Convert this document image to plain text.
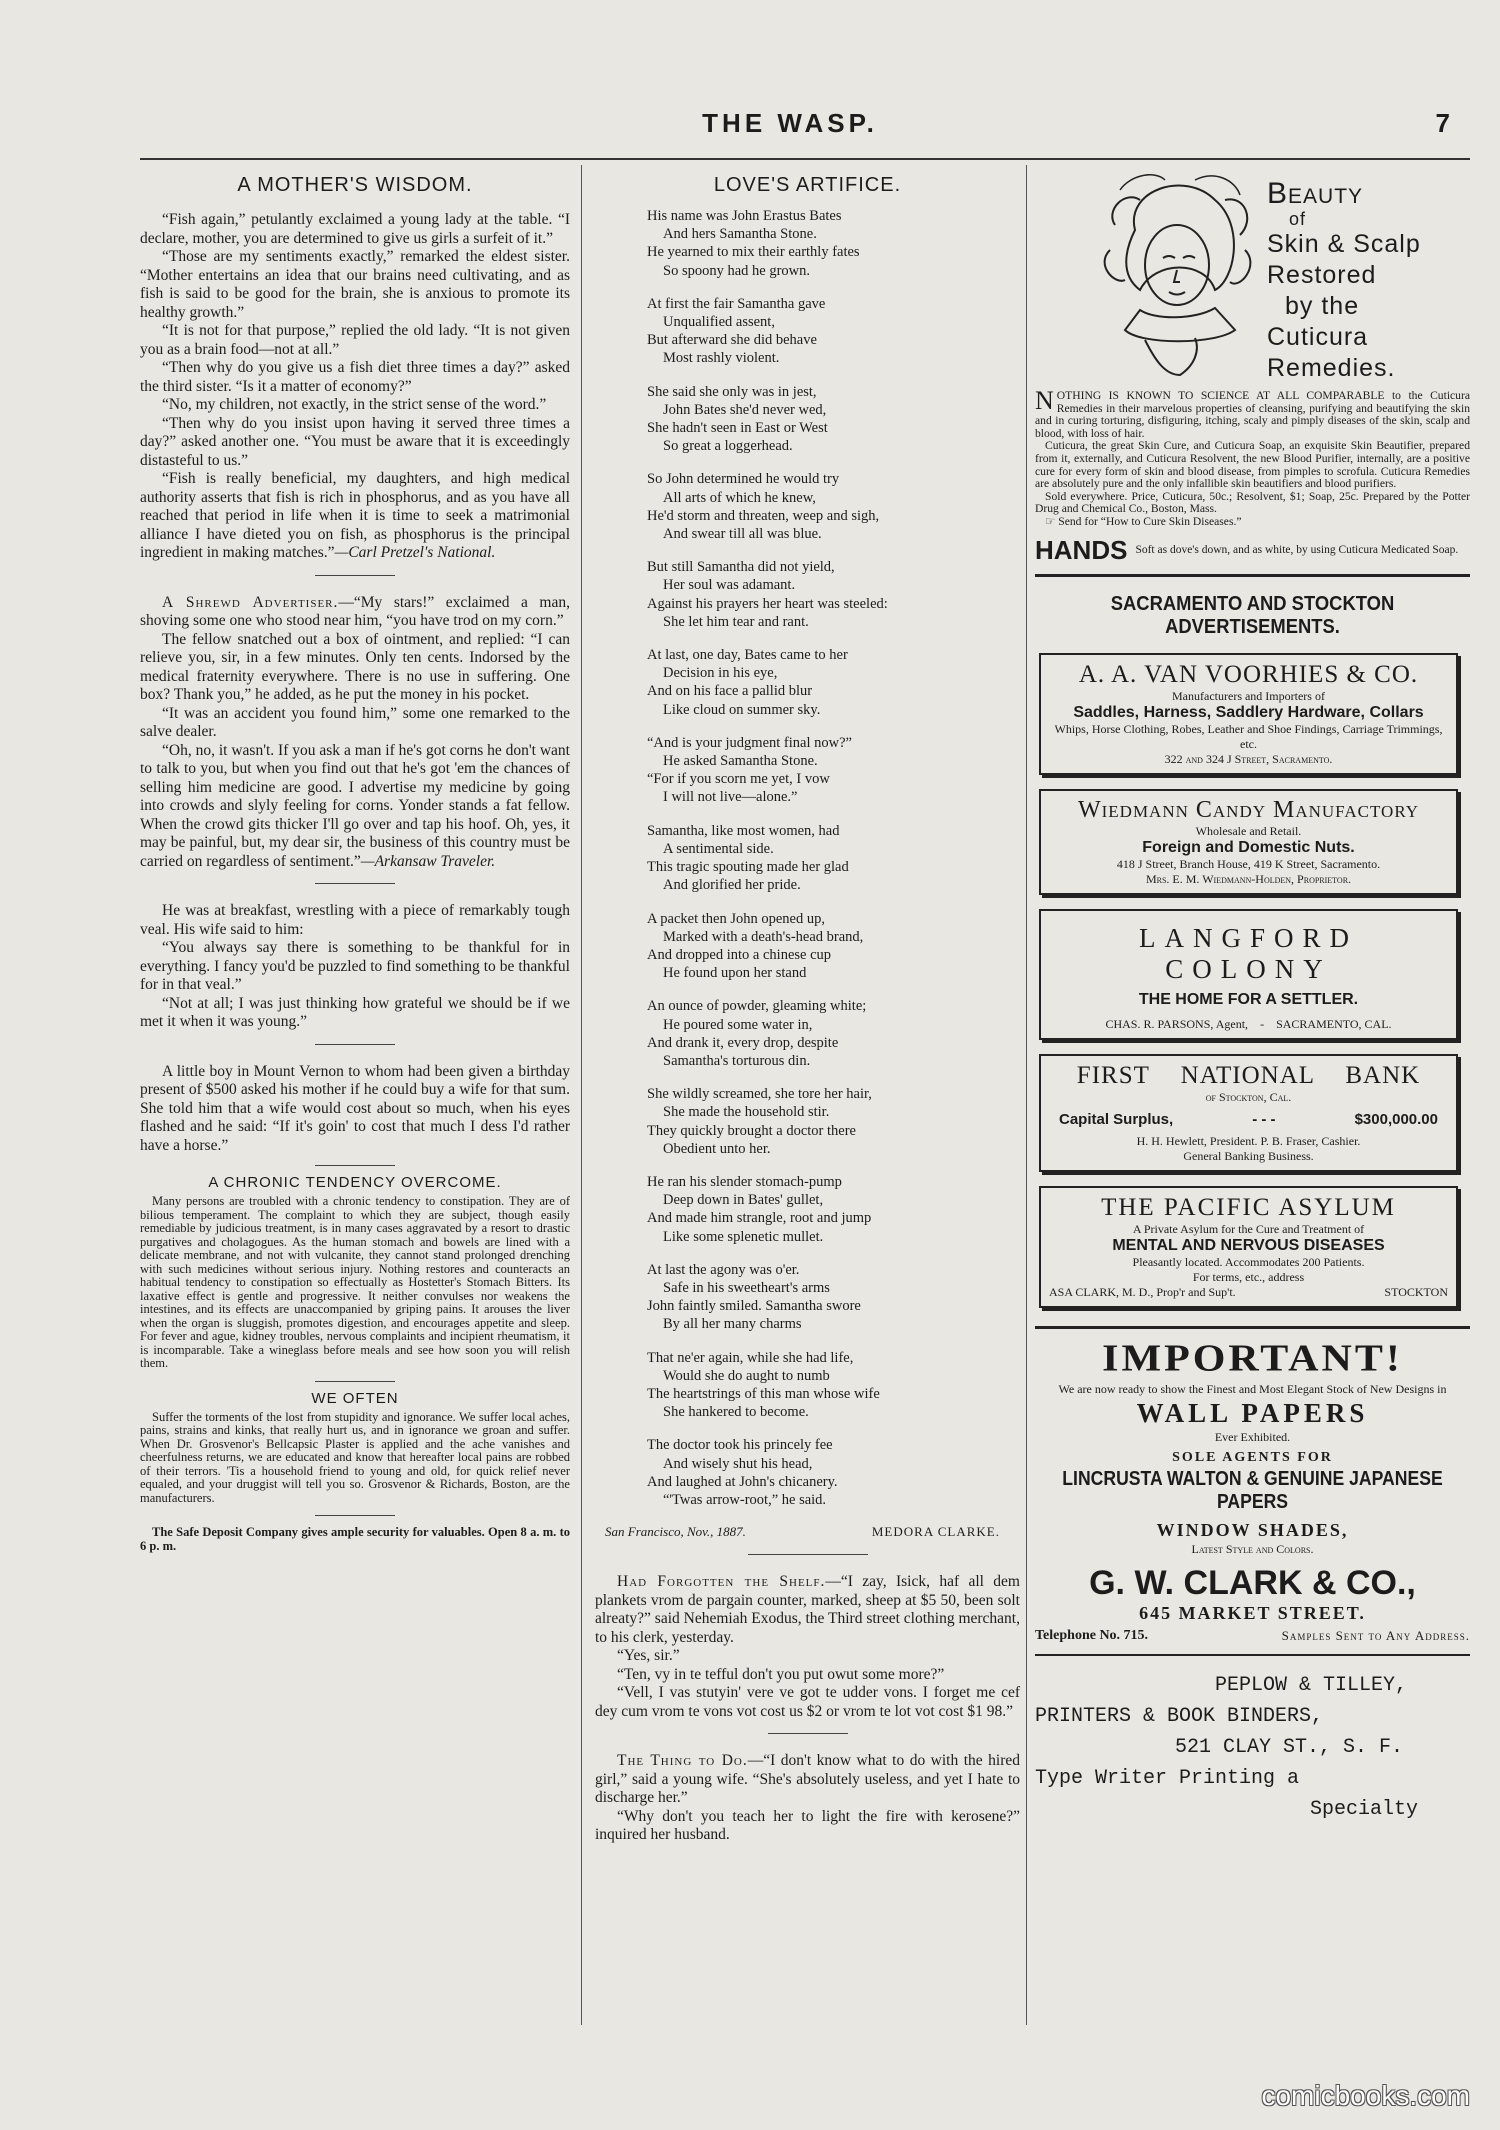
THE WASP.	7
A MOTHER'S WISDOM.

“Fish again,” petulantly exclaimed a young lady at the table. “I declare, mother, you are determined to give us girls a surfeit of it.”

“Those are my sentiments exactly,” remarked the eldest sister. “Mother entertains an idea that our brains need cultivating, and as fish is said to be good for the brain, she is anxious to promote its healthy growth.”

“It is not for that purpose,” replied the old lady. “It is not given you as a brain food—not at all.”

“Then why do you give us a fish diet three times a day?” asked the third sister. “Is it a matter of economy?”

“No, my children, not exactly, in the strict sense of the word.”

“Then why do you insist upon having it served three times a day?” asked another one. “You must be aware that it is exceedingly distasteful to us.”

“Fish is really beneficial, my daughters, and high medical authority asserts that fish is rich in phosphorus, and as you have all reached that period in life when it is time to seek a matrimonial alliance I have dieted you on fish, as phosphorus is the principal ingredient in making matches.”—Carl Pretzel's National.

A Shrewd Advertiser.—“My stars!” exclaimed a man, shoving some one who stood near him, “you have trod on my corn.”

The fellow snatched out a box of ointment, and replied: “I can relieve you, sir, in a few minutes. Only ten cents. Indorsed by the medical fraternity everywhere. There is no use in suffering. One box? Thank you,” he added, as he put the money in his pocket.

“It was an accident you found him,” some one remarked to the salve dealer.

“Oh, no, it wasn't. If you ask a man if he's got corns he don't want to talk to you, but when you find out that he's got 'em the chances of selling him medicine are good. I advertise my medicine by going into crowds and slyly feeling for corns. Yonder stands a fat fellow. When the crowd gits thicker I'll go over and tap his hoof. Oh, yes, it may be painful, but, my dear sir, the business of this country must be carried on regardless of sentiment.”—Arkansaw Traveler.

He was at breakfast, wrestling with a piece of remarkably tough veal. His wife said to him:

“You always say there is something to be thankful for in everything. I fancy you'd be puzzled to find something to be thankful for in that veal.”

“Not at all; I was just thinking how grateful we should be if we met it when it was young.”

A little boy in Mount Vernon to whom had been given a birthday present of $500 asked his mother if he could buy a wife for that sum. She told him that a wife would cost about so much, when his eyes flashed and he said: “If it's goin' to cost that much I dess I'd rather have a horse.”

A CHRONIC TENDENCY OVERCOME.

Many persons are troubled with a chronic tendency to constipation. They are of bilious temperament. The complaint to which they are subject, though easily remediable by judicious treatment, is in many cases aggravated by a resort to drastic purgatives and cholagogues. As the human stomach and bowels are lined with a delicate membrane, and not with vulcanite, they cannot stand prolonged drenching with such medicines without serious injury. Nothing restores and counteracts an habitual tendency to constipation so effectually as Hostetter's Stomach Bitters. Its laxative effect is gentle and progressive. It neither convulses nor weakens the intestines, and its effects are unaccompanied by griping pains. It arouses the liver when the organ is sluggish, promotes digestion, and encourages appetite and sleep. For fever and ague, kidney troubles, nervous complaints and incipient rheumatism, it is incomparable. Take a wineglass before meals and see how soon you will relish them.

WE OFTEN

Suffer the torments of the lost from stupidity and ignorance. We suffer local aches, pains, strains and kinks, that really hurt us, and in ignorance we groan and suffer. When Dr. Grosvenor's Bellcapsic Plaster is applied and the ache vanishes and cheerfulness returns, we are educated and know that hereafter local pains are robbed of their terrors. 'Tis a household friend to young and old, for quick relief never equaled, and your druggist will tell you so. Grosvenor & Richards, Boston, are the manufacturers.

The Safe Deposit Company gives ample security for valuables. Open 8 a. m. to 6 p. m.

LOVE'S ARTIFICE.
His name was John Erastus Bates
And hers Samantha Stone.
He yearned to mix their earthly fates
So spoony had he grown.
At first the fair Samantha gave
Unqualified assent,
But afterward she did behave
Most rashly violent.
She said she only was in jest,
John Bates she'd never wed,
She hadn't seen in East or West
So great a loggerhead.
So John determined he would try
All arts of which he knew,
He'd storm and threaten, weep and sigh,
And swear till all was blue.
But still Samantha did not yield,
Her soul was adamant.
Against his prayers her heart was steeled:
She let him tear and rant.
At last, one day, Bates came to her
Decision in his eye,
And on his face a pallid blur
Like cloud on summer sky.
“And is your judgment final now?”
He asked Samantha Stone.
“For if you scorn me yet, I vow
I will not live—alone.”
Samantha, like most women, had
A sentimental side.
This tragic spouting made her glad
And glorified her pride.
A packet then John opened up,
Marked with a death's-head brand,
And dropped into a chinese cup
He found upon her stand
An ounce of powder, gleaming white;
He poured some water in,
And drank it, every drop, despite
Samantha's torturous din.
She wildly screamed, she tore her hair,
She made the household stir.
They quickly brought a doctor there
Obedient unto her.
He ran his slender stomach-pump
Deep down in Bates' gullet,
And made him strangle, root and jump
Like some splenetic mullet.
At last the agony was o'er.
Safe in his sweetheart's arms
John faintly smiled. Samantha swore
By all her many charms
That ne'er again, while she had life,
Would she do aught to numb
The heartstrings of this man whose wife
She hankered to become.
The doctor took his princely fee
And wisely shut his head,
And laughed at John's chicanery.
“'Twas arrow-root,” he said.
San Francisco, Nov., 1887.	MEDORA CLARKE.

Had Forgotten the Shelf.—“I zay, Isick, haf all dem plankets vrom de pargain counter, marked, sheep at $5 50, been solt alreaty?” said Nehemiah Exodus, the Third street clothing merchant, to his clerk, yesterday.

“Yes, sir.”

“Ten, vy in te tefful don't you put owut some more?”

“Vell, I vas stutyin' vere ve got te udder vons. I forget me cef dey cum vrom te vons vot cost us $2 or vrom te lot vot cost $1 98.”

The Thing to Do.—“I don't know what to do with the hired girl,” said a young wife. “She's absolutely useless, and yet I hate to discharge her.”

“Why don't you teach her to light the fire with kerosene?” inquired her husband.

Beauty
of
Skin & Scalp
Restored
by the
Cuticura
Remedies.

NOTHING IS KNOWN TO SCIENCE AT ALL COMPARABLE to the Cuticura Remedies in their marvelous properties of cleansing, purifying and beautifying the skin and in curing torturing, disfiguring, itching, scaly and pimply diseases of the skin, scalp and blood, with loss of hair.

Cuticura, the great Skin Cure, and Cuticura Soap, an exquisite Skin Beautifier, prepared from it, externally, and Cuticura Resolvent, the new Blood Purifier, internally, are a positive cure for every form of skin and blood disease, from pimples to scrofula. Cuticura Remedies are absolutely pure and the only infallible skin beautifiers and blood purifiers.

Sold everywhere. Price, Cuticura, 50c.; Resolvent, $1; Soap, 25c. Prepared by the Potter Drug and Chemical Co., Boston, Mass.

☞ Send for “How to Cure Skin Diseases.”

HANDS Soft as dove's down, and as white, by using Cuticura Medicated Soap.
SACRAMENTO AND STOCKTON ADVERTISEMENTS.
A. A. VAN VOORHIES & CO.
Manufacturers and Importers of
Saddles, Harness, Saddlery Hardware, Collars
Whips, Horse Clothing, Robes, Leather and Shoe Findings, Carriage Trimmings, etc.
322 and 324 J Street, Sacramento.
Wiedmann Candy Manufactory
Wholesale and Retail.
Foreign and Domestic Nuts.
418 J Street, Branch House, 419 K Street, Sacramento.
Mrs. E. M. Wiedmann-Holden, Proprietor.
LANGFORD COLONY
THE HOME FOR A SETTLER.
CHAS. R. PARSONS, Agent, - SACRAMENTO, CAL.
FIRST NATIONAL BANK
of Stockton, Cal.
Capital Surplus,	- - -	$300,000.00
H. H. Hewlett, President. P. B. Fraser, Cashier.
General Banking Business.
THE PACIFIC ASYLUM
A Private Asylum for the Cure and Treatment of
MENTAL AND NERVOUS DISEASES
Pleasantly located. Accommodates 200 Patients.
For terms, etc., address
ASA CLARK, M. D., Prop'r and Sup't.	STOCKTON
IMPORTANT!
We are now ready to show the Finest and Most Elegant Stock of New Designs in
WALL PAPERS
Ever Exhibited.
SOLE AGENTS FOR
LINCRUSTA WALTON & GENUINE JAPANESE PAPERS
WINDOW SHADES,
Latest Style and Colors.
G. W. CLARK & CO.,
645 MARKET STREET.
Telephone No. 715.	Samples Sent to Any Address.
PEPLOW & TILLEY,
PRINTERS & BOOK BINDERS,
521 CLAY ST., S. F.
Type Writer Printing a
Specialty
comicbooks.com
